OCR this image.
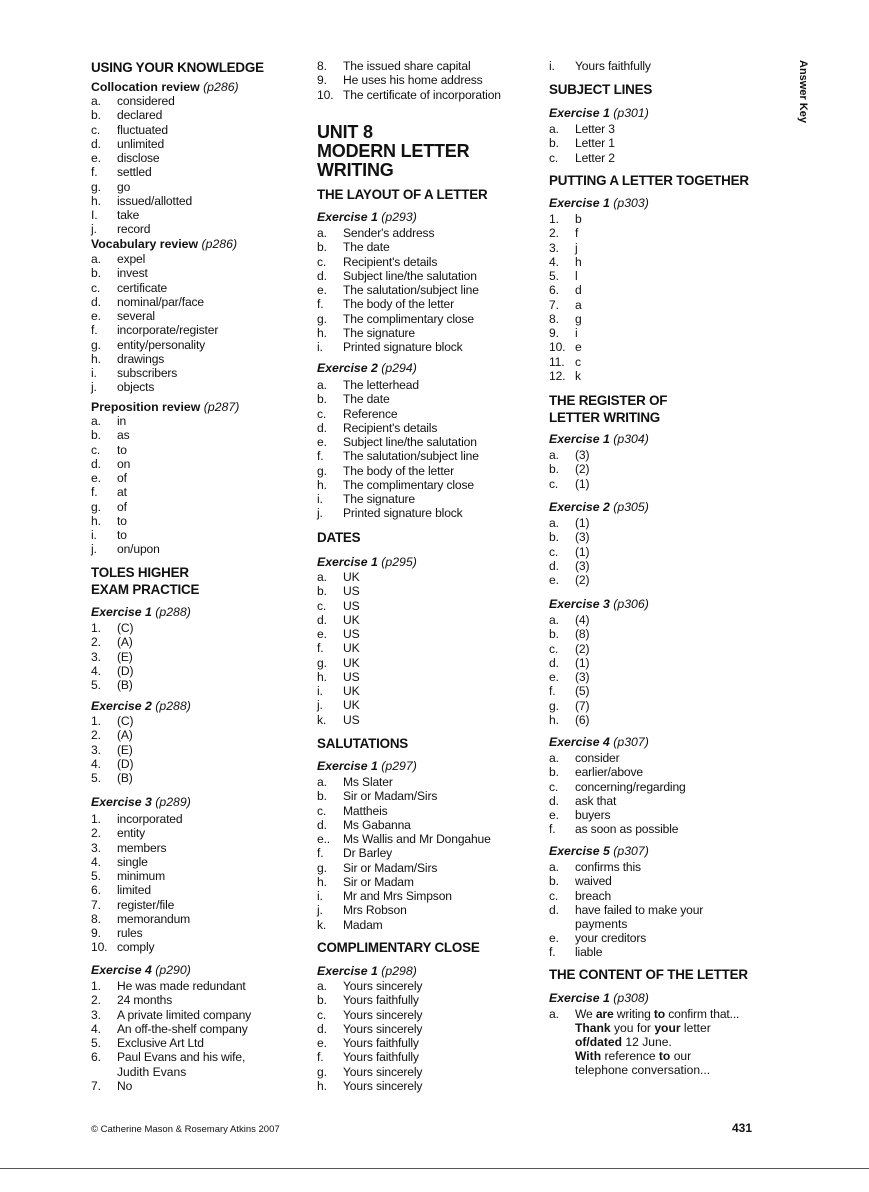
USING YOUR KNOWLEDGE
Collocation review (p286)
a.	considered
b.	declared
c.	fluctuated
d.	unlimited
e.	disclose
f.	settled
g.	go
h.	issued/allotted
I.	take
j.	record
Vocabulary review (p286)
a.	expel
b.	invest
c.	certificate
d.	nominal/par/face
e.	several
f.	incorporate/register
g.	entity/personality
h.	drawings
i.	subscribers
j.	objects
Preposition review (p287)
a.	in
b.	as
c.	to
d.	on
e.	of
f.	at
g.	of
h.	to
i.	to
j.	on/upon
TOLES HIGHER
EXAM PRACTICE
Exercise 1 (p288)
1.	(C)
2.	(A)
3.	(E)
4.	(D)
5.	(B)
Exercise 2 (p288)
1.	(C)
2.	(A)
3.	(E)
4.	(D)
5.	(B)
Exercise 3 (p289)
1.	incorporated
2.	entity
3.	members
4.	single
5.	minimum
6.	limited
7.	register/file
8.	memorandum
9.	rules
10. comply
Exercise 4 (p290)
1.	He was made redundant
2.	24 months
3.	A private limited company
4.	An off-the-shelf company
5.	Exclusive Art Ltd
6.	Paul Evans and his wife,
Judith Evans
7.	No
8.	The issued share capital
9.	He uses his home address
10. The certificate of incorporation
UNIT 8
MODERN LETTER
WRITING
THE LAYOUT OF A LETTER
Exercise 1 (p293)
a.	Sender's address
b.	The date
c.	Recipient's details
d.	Subject line/the salutation
e.	The salutation/subject line
f.	The body of the letter
g.	The complimentary close
h.	The signature
i.	Printed signature block
Exercise 2 (p294)
a.	The letterhead
b.	The date
c.	Reference
d.	Recipient's details
e.	Subject line/the salutation
f.	The salutation/subject line
g.	The body of the letter
h.	The complimentary close
i.	The signature
j.	Printed signature block
DATES
Exercise 1 (p295)
a.	UK
b.	US
c.	US
d.	UK
e.	US
f.	UK
g.	UK
h.	US
i.	UK
j.	UK
k.	US
SALUTATIONS
Exercise 1 (p297)
a.	Ms Slater
b.	Sir or Madam/Sirs
c.	Mattheis
d.	Ms Gabanna
e..	Ms Wallis and Mr Dongahue
f.	Dr Barley
g.	Sir or Madam/Sirs
h.	Sir or Madam
i.	Mr and Mrs Simpson
j.	Mrs Robson
k.	Madam
COMPLIMENTARY CLOSE
Exercise 1 (p298)
a.	Yours sincerely
b.	Yours faithfully
c.	Yours sincerely
d.	Yours sincerely
e.	Yours faithfully
f.	Yours faithfully
g.	Yours sincerely
h.	Yours sincerely
i.	Yours faithfully
SUBJECT LINES
Exercise 1 (p301)
a.	Letter 3
b.	Letter 1
c.	Letter 2
PUTTING A LETTER TOGETHER
Exercise 1 (p303)
1.	b
2.	f
3.	j
4.	h
5.	l
6.	d
7.	a
8.	g
9.	i
10. e
11. c
12. k
THE REGISTER OF
LETTER WRITING
Exercise 1 (p304)
a.	(3)
b.	(2)
c.	(1)
Exercise 2 (p305)
a.	(1)
b.	(3)
c.	(1)
d.	(3)
e.	(2)
Exercise 3 (p306)
a.	(4)
b.	(8)
c.	(2)
d.	(1)
e.	(3)
f.	(5)
g.	(7)
h.	(6)
Exercise 4 (p307)
a.	consider
b.	earlier/above
c.	concerning/regarding
d.	ask that
e.	buyers
f.	as soon as possible
Exercise 5 (p307)
a.	confirms this
b.	waived
c.	breach
d.	have failed to make your
payments
e.	your creditors
f.	liable
THE CONTENT OF THE LETTER
Exercise 1 (p308)
a.	We are writing to confirm that...
Thank you for your letter
of/dated 12 June.
With reference to our
telephone conversation...
Answer Key
© Catherine Mason & Rosemary Atkins 2007	431
